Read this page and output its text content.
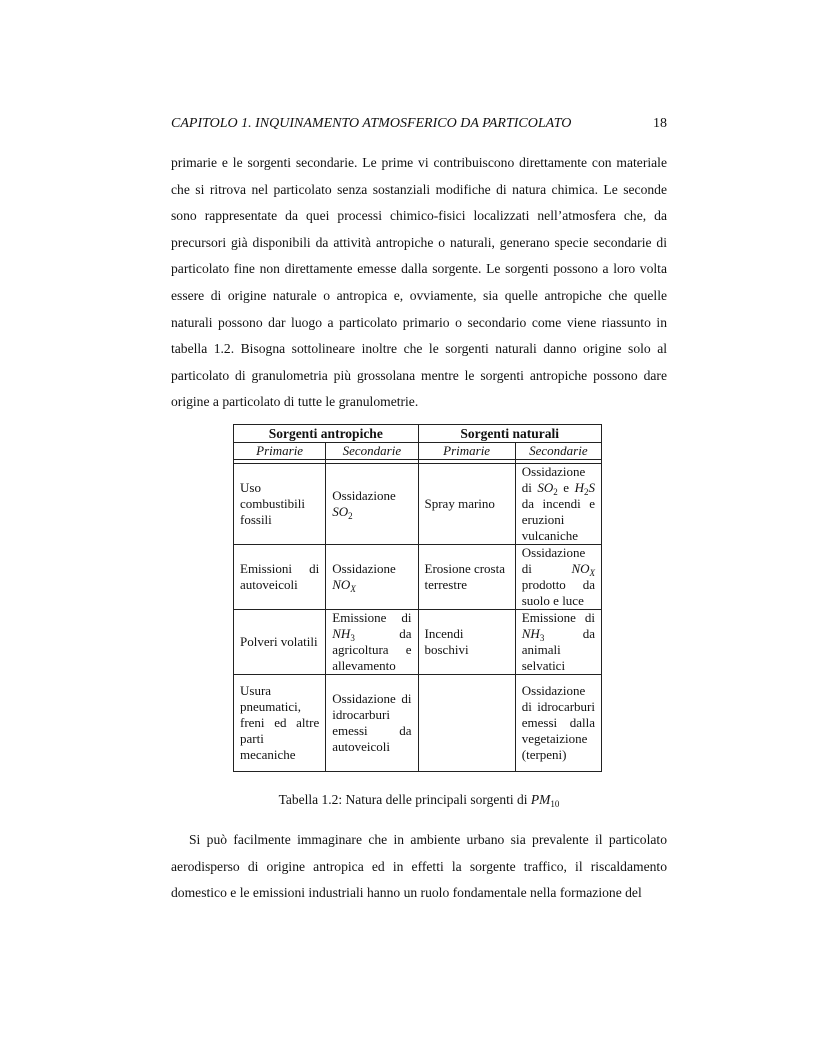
CAPITOLO 1. INQUINAMENTO ATMOSFERICO DA PARTICOLATO	18
primarie e le sorgenti secondarie. Le prime vi contribuiscono direttamente con materiale che si ritrova nel particolato senza sostanziali modifiche di natura chimica. Le seconde sono rappresentate da quei processi chimico-fisici localizzati nell’atmosfera che, da precursori già disponibili da attività antropiche o naturali, generano specie secondarie di particolato fine non direttamente emesse dalla sorgente. Le sorgenti possono a loro volta essere di origine naturale o antropica e, ovviamente, sia quelle antropiche che quelle naturali possono dar luogo a particolato primario o secondario come viene riassunto in tabella 1.2. Bisogna sottolineare inoltre che le sorgenti naturali danno origine solo al particolato di granulometria più grossolana mentre le sorgenti antropiche possono dare origine a particolato di tutte le granulometrie.
Sorgenti antropiche		Sorgenti naturali	
Primarie	Secondarie	Primarie	Secondarie

Uso combustibili fossili	Ossidazione $SO_2$	Spray marino	Ossidazione di $SO_2$ e $H_2S$ da incendi e eruzioni vulcaniche
Emissioni di autoveicoli	Ossidazione $NO_X$	Erosione crosta terrestre	Ossidazione di $NO_X$ prodotto da suolo e luce
Polveri volatili	Emissione di $NH_3$ da agricoltura e allevamento	Incendi boschivi	Emissione di $NH_3$ da animali selvatici
Usura pneumatici, freni ed altre parti mecaniche	Ossidazione di idrocarburi emessi da autoveicoli		Ossidazione di idrocarburi emessi dalla vegetaizione (terpeni)
Tabella 1.2: Natura delle principali sorgenti di $PM_{10}$
Si può facilmente immaginare che in ambiente urbano sia prevalente il particolato aerodisperso di origine antropica ed in effetti la sorgente traffico, il riscaldamento domestico e le emissioni industriali hanno un ruolo fondamentale nella formazione del
